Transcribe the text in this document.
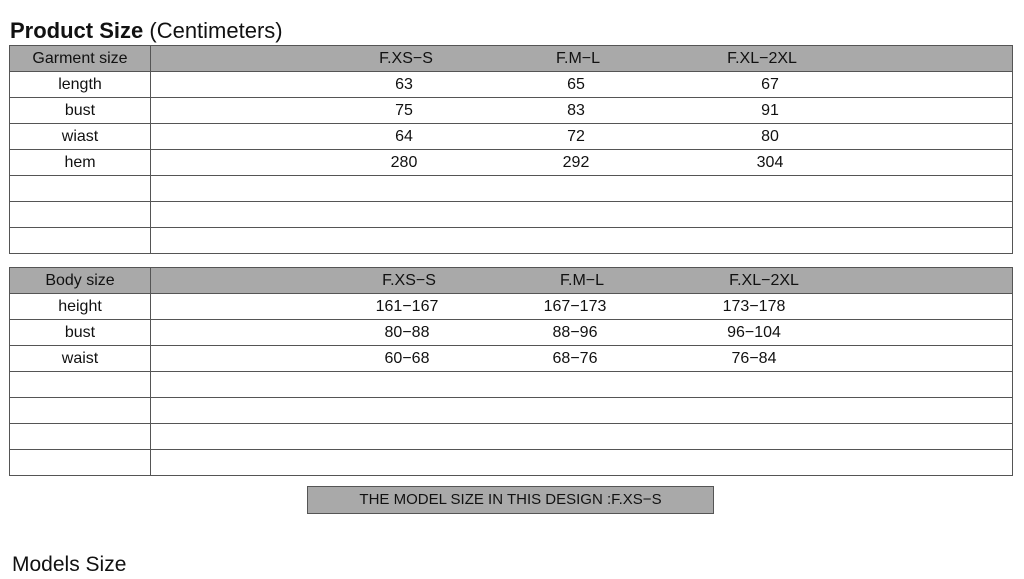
Product Size (Centimeters)
Garment size	F.XS−S F.M−L F.XL−2XL

length	63 65 67

bust	75 83 91

wiast	64 72 80

hem	280 292 304

Body size	F.XS−S F.M−L F.XL−2XL

height	161−167 167−173 173−178

bust	80−88 88−96 96−104

waist	60−68 68−76 76−84

THE MODEL SIZE IN THIS DESIGN :F.XS−S
Models Size
